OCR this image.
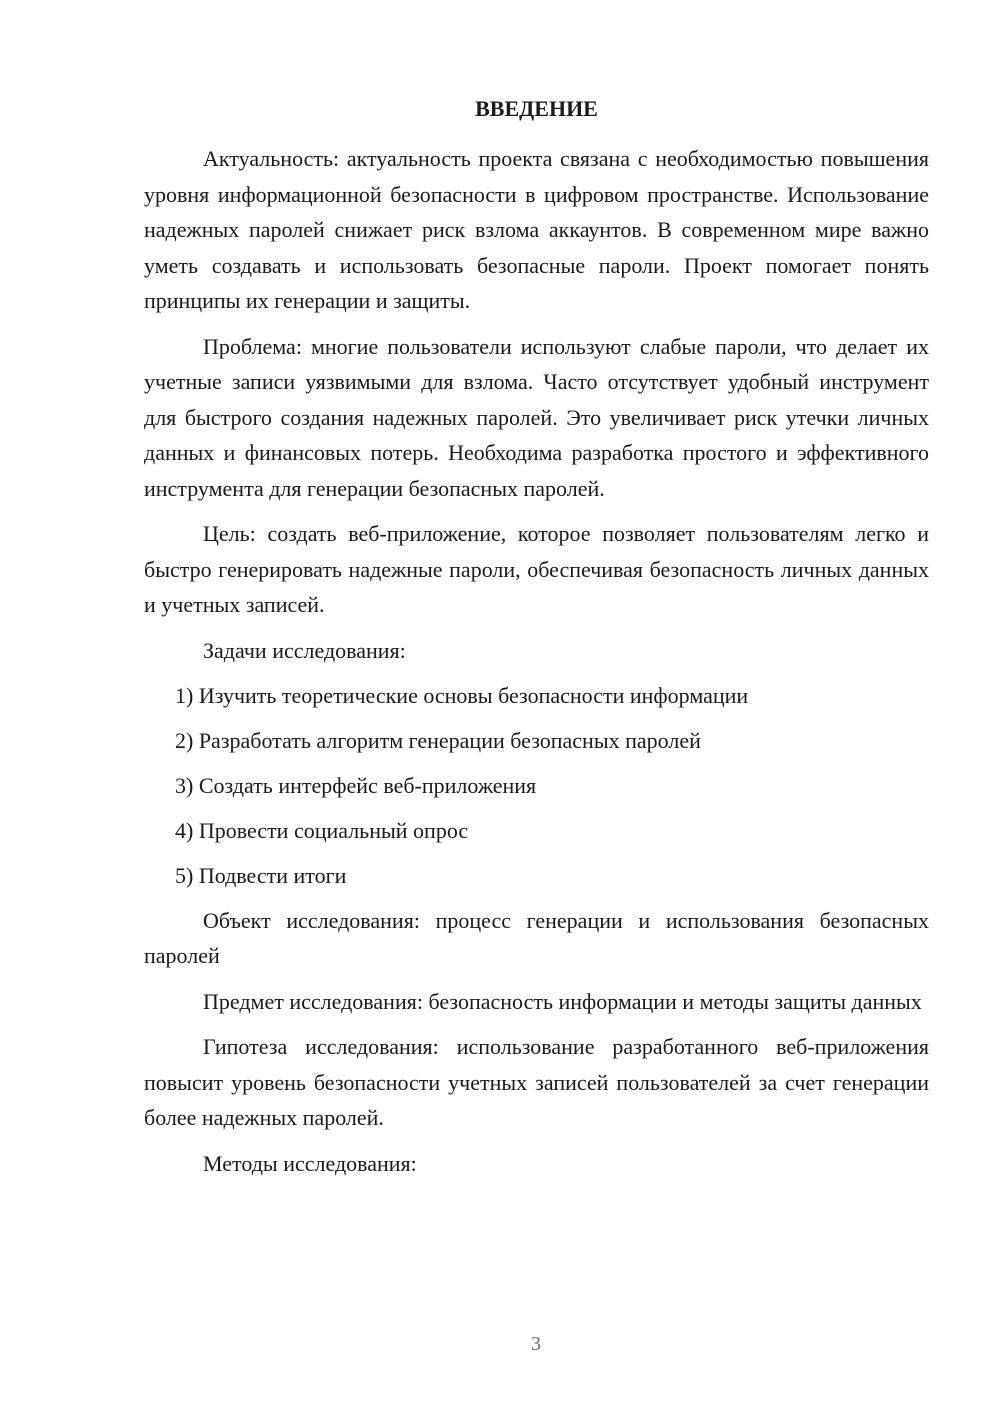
ВВЕДЕНИЕ

Актуальность: актуальность проекта связана с необходимостью повышения уровня информационной безопасности в цифровом пространстве. Использование надежных паролей снижает риск взлома аккаунтов. В современном мире важно уметь создавать и использовать безопасные пароли. Проект помогает понять принципы их генерации и защиты.

Проблема: многие пользователи используют слабые пароли, что делает их учетные записи уязвимыми для взлома. Часто отсутствует удобный инструмент для быстрого создания надежных паролей. Это увеличивает риск утечки личных данных и финансовых потерь. Необходима разработка простого и эффективного инструмента для генерации безопасных паролей.

Цель: создать веб-приложение, которое позволяет пользователям легко и быстро генерировать надежные пароли, обеспечивая безопасность личных данных и учетных записей.

Задачи исследования:

1) Изучить теоретические основы безопасности информации

2) Разработать алгоритм генерации безопасных паролей

3) Создать интерфейс веб-приложения

4) Провести социальный опрос

5) Подвести итоги

Объект исследования: процесс генерации и использования безопасных паролей

Предмет исследования: безопасность информации и методы защиты данных

Гипотеза исследования: использование разработанного веб-приложения повысит уровень безопасности учетных записей пользователей за счет генерации более надежных паролей.

Методы исследования:

3
